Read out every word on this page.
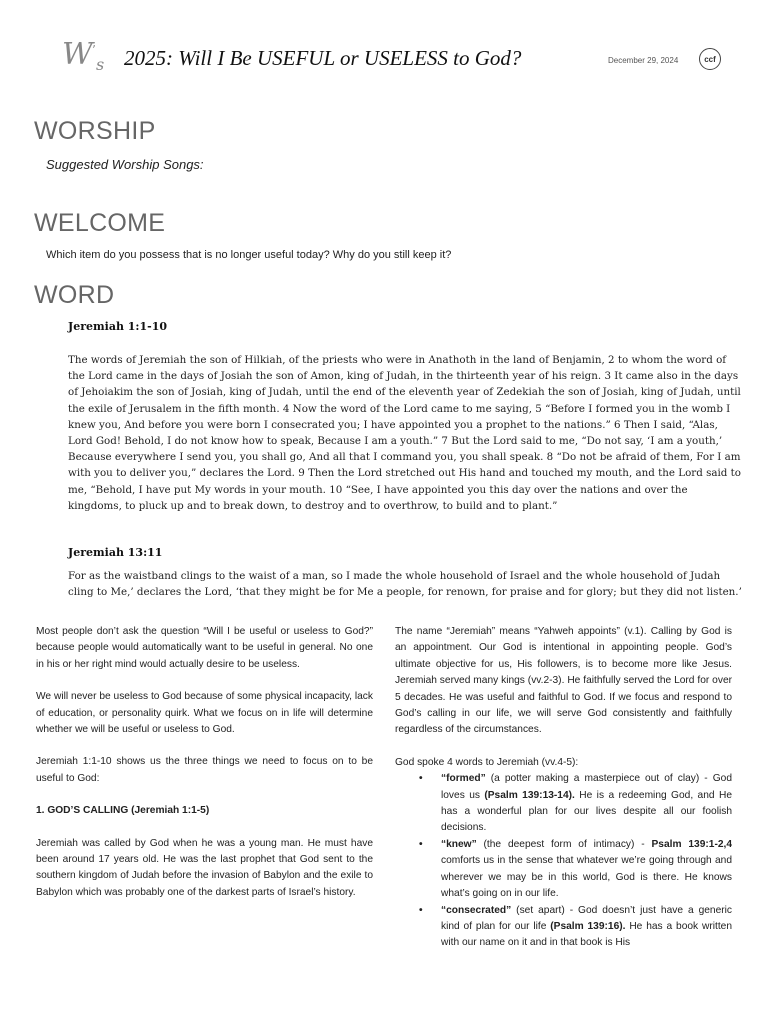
W s
’ 2025: Will I Be USEFUL or USELESS to God?	December 29, 2024	ccf
WORSHIP
Suggested Worship Songs:
WELCOME
Which item do you possess that is no longer useful today? Why do you still keep it?
WORD
Jeremiah 1:1-10
The words of Jeremiah the son of Hilkiah, of the priests who were in Anathoth in the land of Benjamin, 2 to whom the word of the Lord came in the days of Josiah the son of Amon, king of Judah, in the thirteenth year of his reign. 3 It came also in the days of Jehoiakim the son of Josiah, king of Judah, until the end of the eleventh year of Zedekiah the son of Josiah, king of Judah, until the exile of Jerusalem in the fifth month. 4 Now the word of the Lord came to me saying, 5 “Before I formed you in the womb I knew you, And before you were born I consecrated you; I have appointed you a prophet to the nations.” 6 Then I said, “Alas, Lord God! Behold, I do not know how to speak, Because I am a youth.” 7 But the Lord said to me, “Do not say, ‘I am a youth,’ Because everywhere I send you, you shall go, And all that I command you, you shall speak. 8 “Do not be afraid of them, For I am with you to deliver you,” declares the Lord. 9 Then the Lord stretched out His hand and touched my mouth, and the Lord said to me, “Behold, I have put My words in your mouth. 10 “See, I have appointed you this day over the nations and over the kingdoms, to pluck up and to break down, to destroy and to overthrow, to build and to plant.”
Jeremiah 13:11
For as the waistband clings to the waist of a man, so I made the whole household of Israel and the whole household of Judah cling to Me,’ declares the Lord, ‘that they might be for Me a people, for renown, for praise and for glory; but they did not listen.’

Most people don’t ask the question “Will I be useful or useless to God?” because people would automatically want to be useful in general. No one in his or her right mind would actually desire to be useless.

We will never be useless to God because of some physical incapacity, lack of education, or personality quirk. What we focus on in life will determine whether we will be useful or useless to God.

Jeremiah 1:1-10 shows us the three things we need to focus on to be useful to God:

1. GOD’S CALLING (Jeremiah 1:1-5)

Jeremiah was called by God when he was a young man. He must have been around 17 years old. He was the last prophet that God sent to the southern kingdom of Judah before the invasion of Babylon and the exile to Babylon which was probably one of the darkest parts of Israel’s history.

The name “Jeremiah” means “Yahweh appoints” (v.1). Calling by God is an appointment. Our God is intentional in appointing people. God’s ultimate objective for us, His followers, is to become more like Jesus. Jeremiah served many kings (vv.2-3). He faithfully served the Lord for over 5 decades. He was useful and faithful to God. If we focus and respond to God’s calling in our life, we will serve God consistently and faithfully regardless of the circumstances.

God spoke 4 words to Jeremiah (vv.4-5):

• “formed” (a potter making a masterpiece out of clay) - God loves us (Psalm 139:13-14). He is a redeeming God, and He has a wonderful plan for our lives despite all our foolish decisions.
• “knew” (the deepest form of intimacy) - Psalm 139:1-2,4 comforts us in the sense that whatever we’re going through and wherever we may be in this world, God is there. He knows what’s going on in our life.
• “consecrated” (set apart) - God doesn’t just have a generic kind of plan for our life (Psalm 139:16). He has a book written with our name on it and in that book is His
